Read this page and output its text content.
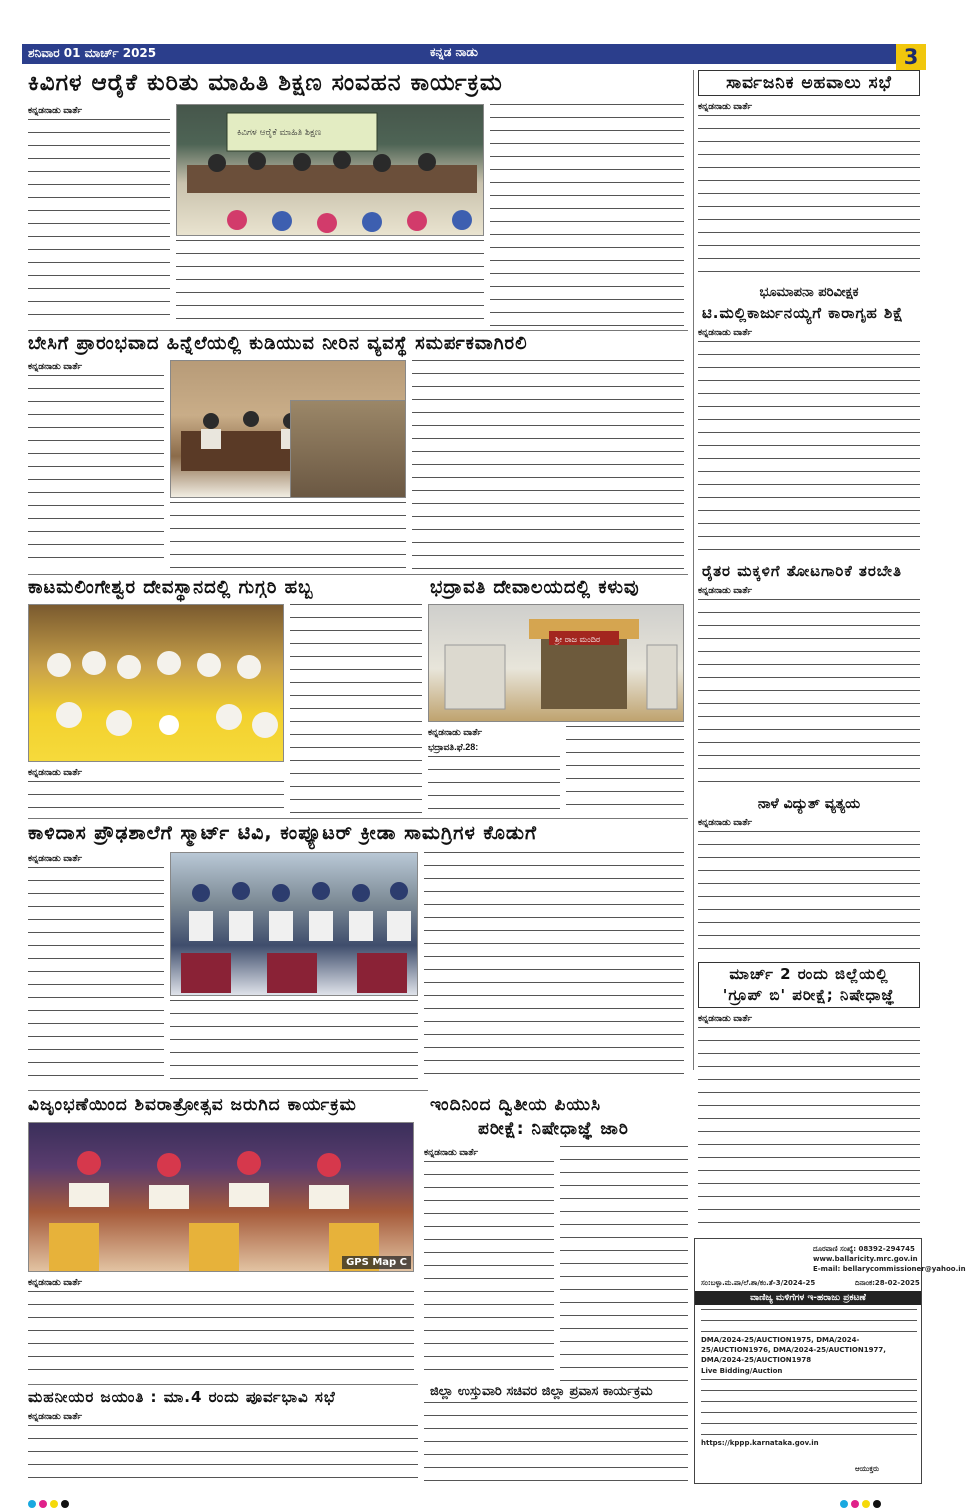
ಶನಿವಾರ 01 ಮಾರ್ಚ್ 2025	ಕನ್ನಡ ನಾಡು	3
ಕಿವಿಗಳ ಆರೈಕೆ ಕುರಿತು ಮಾಹಿತಿ ಶಿಕ್ಷಣ ಸಂವಹನ ಕಾರ್ಯಕ್ರಮ
ಕನ್ನಡನಾಡು ವಾರ್ತೆ
ಕಿವಿಗಳ ಆರೈಕೆ ಮಾಹಿತಿ ಶಿಕ್ಷಣ
ಸಾರ್ವಜನಿಕ ಅಹವಾಲು ಸಭೆ
ಕನ್ನಡನಾಡು ವಾರ್ತೆ
ಭೂಮಾಪನಾ ಪರಿವೀಕ್ಷಕ
ಟಿ.ಮಲ್ಲಿಕಾರ್ಜುನಯ್ಯಗೆ ಕಾರಾಗೃಹ ಶಿಕ್ಷೆ
ಕನ್ನಡನಾಡು ವಾರ್ತೆ
ರೈತರ ಮಕ್ಕಳಿಗೆ ತೋಟಗಾರಿಕೆ ತರಬೇತಿ
ಕನ್ನಡನಾಡು ವಾರ್ತೆ
ನಾಳೆ ವಿದ್ಯುತ್ ವ್ಯತ್ಯಯ
ಕನ್ನಡನಾಡು ವಾರ್ತೆ
ಮಾರ್ಚ್ 2 ರಂದು ಜಿಲ್ಲೆಯಲ್ಲಿ
'ಗ್ರೂಪ್ ಬಿ' ಪರೀಕ್ಷೆ; ನಿಷೇಧಾಜ್ಞೆ
ಕನ್ನಡನಾಡು ವಾರ್ತೆ
ಬೇಸಿಗೆ ಪ್ರಾರಂಭವಾದ ಹಿನ್ನೆಲೆಯಲ್ಲಿ ಕುಡಿಯುವ ನೀರಿನ ವ್ಯವಸ್ಥೆ ಸಮರ್ಪಕವಾಗಿರಲಿ
ಕನ್ನಡನಾಡು ವಾರ್ತೆ
ಕಾಟಮಲಿಂಗೇಶ್ವರ ದೇವಸ್ಥಾನದಲ್ಲಿ ಗುಗ್ಗರಿ ಹಬ್ಬ
ಕನ್ನಡನಾಡು ವಾರ್ತೆ
ಭದ್ರಾವತಿ ದೇವಾಲಯದಲ್ಲಿ ಕಳುವು
ಶ್ರೀ ರಾಜ ಮಂದಿರ
ಕನ್ನಡನಾಡು ವಾರ್ತೆ
ಭದ್ರಾವತಿ.ಫೆ.28:
ಕಾಳಿದಾಸ ಪ್ರೌಢಶಾಲೆಗೆ ಸ್ಮಾರ್ಟ್ ಟಿವಿ, ಕಂಪ್ಯೂಟರ್ ಕ್ರೀಡಾ ಸಾಮಗ್ರಿಗಳ ಕೊಡುಗೆ
ಕನ್ನಡನಾಡು ವಾರ್ತೆ
ವಿಜೃಂಭಣೆಯಿಂದ ಶಿವರಾತ್ರೋತ್ಸವ ಜರುಗಿದ ಕಾರ್ಯಕ್ರಮ
GPS Map C
ಕನ್ನಡನಾಡು ವಾರ್ತೆ
ಇಂದಿನಿಂದ ದ್ವಿತೀಯ ಪಿಯುಸಿ
ಪರೀಕ್ಷೆ: ನಿಷೇಧಾಜ್ಞೆ ಜಾರಿ
ಕನ್ನಡನಾಡು ವಾರ್ತೆ
ಜಿಲ್ಲಾ ಉಸ್ತುವಾರಿ ಸಚಿವರ ಜಿಲ್ಲಾ ಪ್ರವಾಸ ಕಾರ್ಯಕ್ರಮ
ಮಹನೀಯರ ಜಯಂತಿ : ಮಾ.4 ರಂದು ಪೂರ್ವಭಾವಿ ಸಭೆ
ಕನ್ನಡನಾಡು ವಾರ್ತೆ
ದೂರವಾಣಿ ಸಂಖ್ಯೆ: 08392-294745
www.ballaricity.mrc.gov.in
E-mail: bellarycommissioner@yahoo.in
ಸಂ:ಬಳ್ಳಾ.ಮ.ಪಾ/ಲೆ.ಶಾ/ಕಂ.ತೆ-3/2024-25	ದಿನಾಂಕ:28-02-2025
ವಾಣಿಜ್ಯ ಮಳಿಗೆಗಳ ಇ-ಹರಾಜು ಪ್ರಕಟಣೆ
DMA/2024-25/AUCTION1975, DMA/2024-25/AUCTION1976, DMA/2024-25/AUCTION1977, DMA/2024-25/AUCTION1978
Live Bidding/Auction
https://kppp.karnataka.gov.in
ಆಯುಕ್ತರು
